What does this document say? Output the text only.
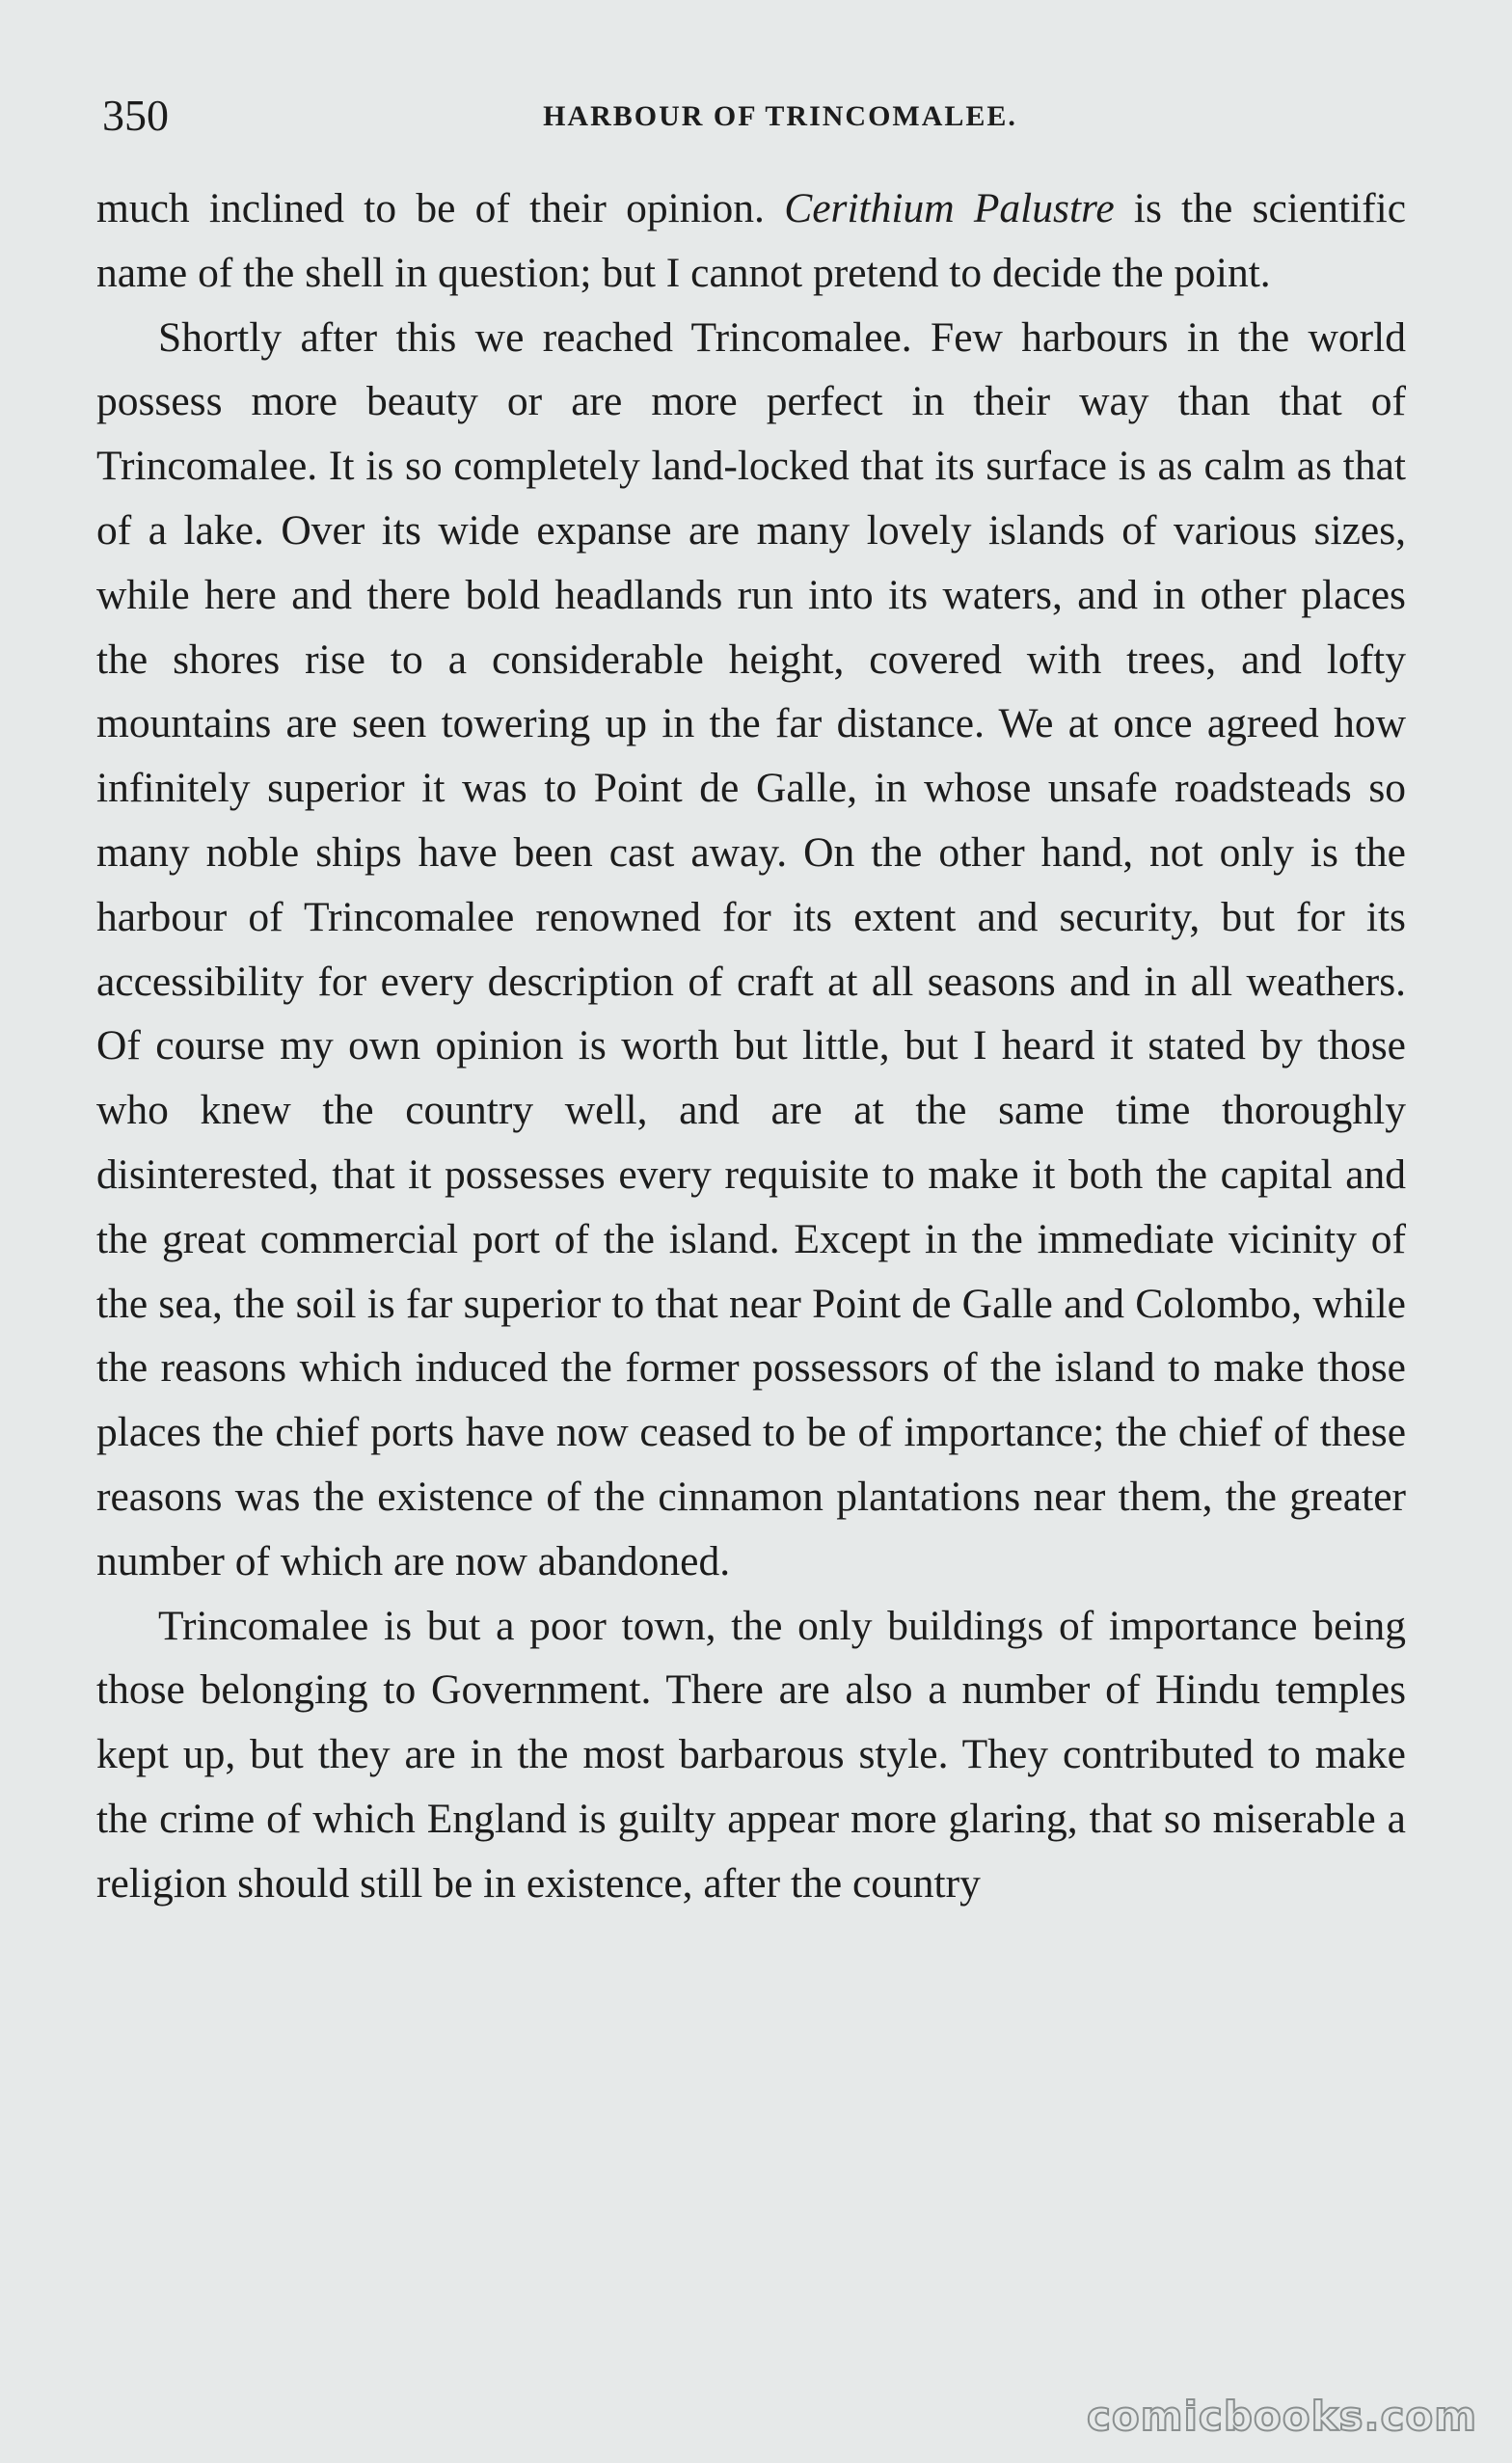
350	HARBOUR OF TRINCOMALEE.

much inclined to be of their opinion. Cerithium Palustre is the scientific name of the shell in question; but I cannot pretend to decide the point.

Shortly after this we reached Trincomalee. Few harbours in the world possess more beauty or are more perfect in their way than that of Trincomalee. It is so completely land-locked that its surface is as calm as that of a lake. Over its wide expanse are many lovely islands of various sizes, while here and there bold headlands run into its waters, and in other places the shores rise to a considerable height, covered with trees, and lofty mountains are seen towering up in the far distance. We at once agreed how infinitely superior it was to Point de Galle, in whose unsafe roadsteads so many noble ships have been cast away. On the other hand, not only is the harbour of Trincomalee renowned for its extent and security, but for its accessibility for every description of craft at all seasons and in all weathers. Of course my own opinion is worth but little, but I heard it stated by those who knew the country well, and are at the same time thoroughly disinterested, that it possesses every requisite to make it both the capital and the great commercial port of the island. Except in the immediate vicinity of the sea, the soil is far superior to that near Point de Galle and Colombo, while the reasons which induced the former possessors of the island to make those places the chief ports have now ceased to be of importance; the chief of these reasons was the existence of the cinnamon plantations near them, the greater number of which are now abandoned.

Trincomalee is but a poor town, the only buildings of importance being those belonging to Government. There are also a number of Hindu temples kept up, but they are in the most barbarous style. They contributed to make the crime of which England is guilty appear more glaring, that so miserable a religion should still be in existence, after the country

comicbooks.com
